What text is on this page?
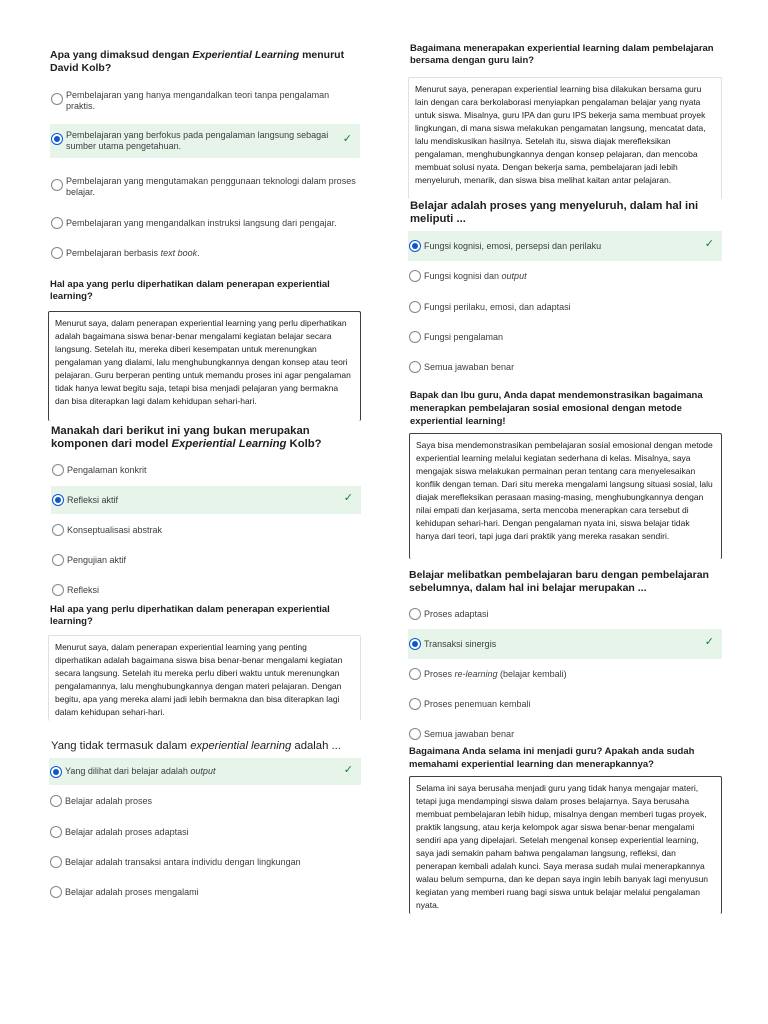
Apa yang dimaksud dengan Experiential Learning menurut David Kolb?
Pembelajaran yang hanya mengandalkan teori tanpa pengalaman praktis.
Pembelajaran yang berfokus pada pengalaman langsung sebagai sumber utama pengetahuan.
✓
Pembelajaran yang mengutamakan penggunaan teknologi dalam proses belajar.
Pembelajaran yang mengandalkan instruksi langsung dari pengajar.
Pembelajaran berbasis text book.
Hal apa yang perlu diperhatikan dalam penerapan experiential learning?
Menurut saya, dalam penerapan experiential learning yang perlu diperhatikan adalah bagaimana siswa benar-benar mengalami kegiatan belajar secara langsung. Setelah itu, mereka diberi kesempatan untuk merenungkan pengalaman yang dialami, lalu menghubungkannya dengan konsep atau teori pelajaran. Guru berperan penting untuk memandu proses ini agar pengalaman tidak hanya lewat begitu saja, tetapi bisa menjadi pelajaran yang bermakna dan bisa diterapkan lagi dalam kehidupan sehari-hari.
Manakah dari berikut ini yang bukan merupakan komponen dari model Experiential Learning Kolb?
Pengalaman konkrit
Refleksi aktif	✓
Konseptualisasi abstrak
Pengujian aktif
Refleksi
Hal apa yang perlu diperhatikan dalam penerapan experiential learning?
Menurut saya, dalam penerapan experiential learning yang penting diperhatikan adalah bagaimana siswa bisa benar-benar mengalami kegiatan secara langsung. Setelah itu mereka perlu diberi waktu untuk merenungkan pengalamannya, lalu menghubungkannya dengan materi pelajaran. Dengan begitu, apa yang mereka alami jadi lebih bermakna dan bisa diterapkan lagi dalam kehidupan sehari-hari.
Yang tidak termasuk dalam experiential learning adalah ...
Yang dilihat dari belajar adalah output	✓
Belajar adalah proses
Belajar adalah proses adaptasi
Belajar adalah transaksi antara individu dengan lingkungan
Belajar adalah proses mengalami
Bagaimana menerapakan experiential learning dalam pembelajaran bersama dengan guru lain?
Menurut saya, penerapan experiential learning bisa dilakukan bersama guru lain dengan cara berkolaborasi menyiapkan pengalaman belajar yang nyata untuk siswa. Misalnya, guru IPA dan guru IPS bekerja sama membuat proyek lingkungan, di mana siswa melakukan pengamatan langsung, mencatat data, lalu mendiskusikan hasilnya. Setelah itu, siswa diajak merefleksikan pengalaman, menghubungkannya dengan konsep pelajaran, dan mencoba membuat solusi nyata. Dengan bekerja sama, pembelajaran jadi lebih menyeluruh, menarik, dan siswa bisa melihat kaitan antar pelajaran.
Belajar adalah proses yang menyeluruh, dalam hal ini meliputi ...
Fungsi kognisi, emosi, persepsi dan perilaku	✓
Fungsi kognisi dan output
Fungsi perilaku, emosi, dan adaptasi
Fungsi pengalaman
Semua jawaban benar
Bapak dan Ibu guru, Anda dapat mendemonstrasikan bagaimana menerapkan pembelajaran sosial emosional dengan metode experiential learning!
Saya bisa mendemonstrasikan pembelajaran sosial emosional dengan metode experiential learning melalui kegiatan sederhana di kelas. Misalnya, saya mengajak siswa melakukan permainan peran tentang cara menyelesaikan konflik dengan teman. Dari situ mereka mengalami langsung situasi sosial, lalu diajak merefleksikan perasaan masing-masing, menghubungkannya dengan nilai empati dan kerjasama, serta mencoba menerapkan cara tersebut di kehidupan sehari-hari. Dengan pengalaman nyata ini, siswa belajar tidak hanya dari teori, tapi juga dari praktik yang mereka rasakan sendiri.
Belajar melibatkan pembelajaran baru dengan pembelajaran sebelumnya, dalam hal ini belajar merupakan ...
Proses adaptasi
Transaksi sinergis	✓
Proses re-learning (belajar kembali)
Proses penemuan kembali
Semua jawaban benar
Bagaimana Anda selama ini menjadi guru? Apakah anda sudah memahami experiential learning dan menerapkannya?
Selama ini saya berusaha menjadi guru yang tidak hanya mengajar materi, tetapi juga mendampingi siswa dalam proses belajarnya. Saya berusaha membuat pembelajaran lebih hidup, misalnya dengan memberi tugas proyek, praktik langsung, atau kerja kelompok agar siswa benar-benar mengalami sendiri apa yang dipelajari. Setelah mengenal konsep experiential learning, saya jadi semakin paham bahwa pengalaman langsung, refleksi, dan penerapan kembali adalah kunci. Saya merasa sudah mulai menerapkannya walau belum sempurna, dan ke depan saya ingin lebih banyak lagi menyusun kegiatan yang memberi ruang bagi siswa untuk belajar melalui pengalaman nyata.
